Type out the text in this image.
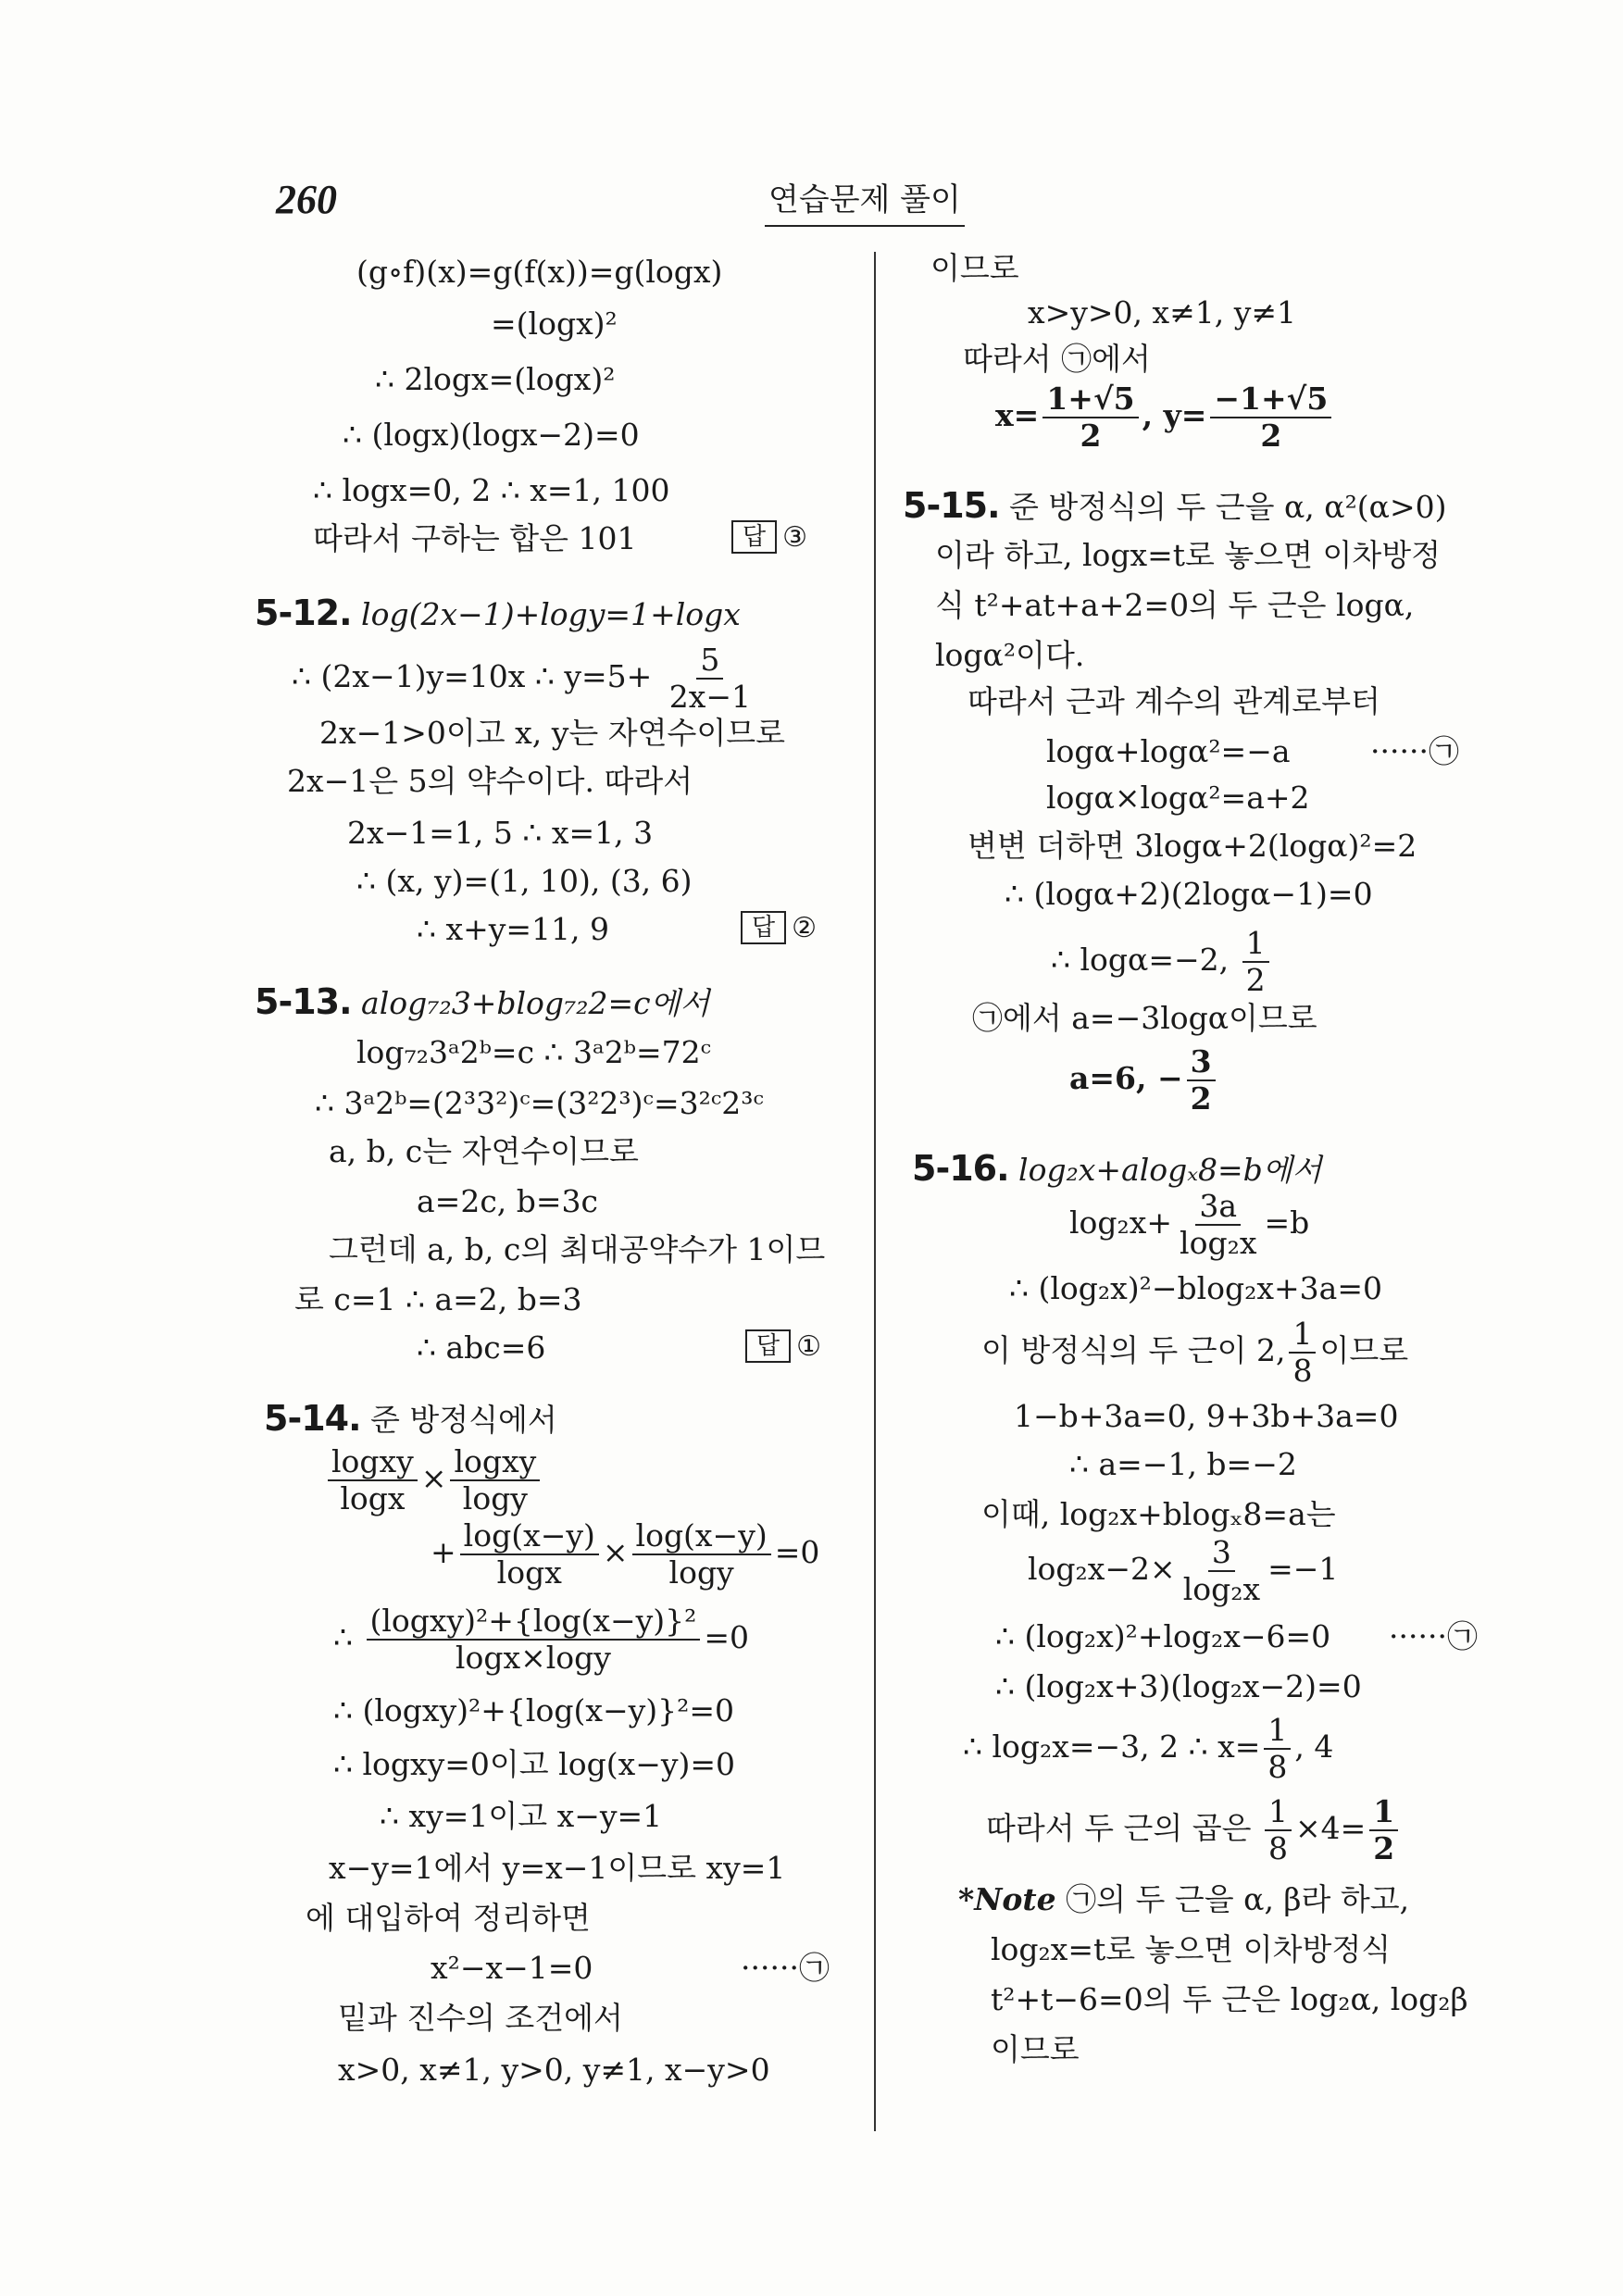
260	연습문제 풀이
(g∘f)(x)=g(f(x))=g(logx)
=(logx)²
∴ 2logx=(logx)²
∴ (logx)(logx−2)=0
∴ logx=0, 2 ∴ x=1, 100
따라서 구하는 합은 101	답 ③
5-12. log(2x−1)+logy=1+logx
∴ (2x−1)y=10x ∴ $y=5+ \frac{5}{2x-1}$
2x−1>0이고 x, y는 자연수이므로
2x−1은 5의 약수이다. 따라서
2x−1=1, 5 ∴ x=1, 3
∴ (x, y)=(1, 10), (3, 6)
∴ x+y=11, 9	답 ②
5-13. alog₇₂3+blog₇₂2=c에서
log₇₂3ᵃ2ᵇ=c ∴ 3ᵃ2ᵇ=72ᶜ
∴ 3ᵃ2ᵇ=(2³3²)ᶜ=(3²2³)ᶜ=3²ᶜ2³ᶜ
a, b, c는 자연수이므로
a=2c, b=3c
그런데 a, b, c의 최대공약수가 1이므
로 c=1 ∴ a=2, b=3
∴ abc=6	답 ①
5-14. 준 방정식에서
$\frac{\text{logxy}}{\log x} \times \frac{\text{logxy}}{\log y}$
+ $\frac{\log(x-y)}{\log x} \times \frac{\log(x-y)}{\log y} =0$
∴ $\frac{\text{(logxy)²+\{log(x−y)\}²}}{\log x\times\log y} =0$
∴ (logxy)²+{log(x−y)}²=0
∴ logxy=0이고 log(x−y)=0
∴ xy=1이고 x−y=1
x−y=1에서 y=x−1이므로 xy=1
에 대입하여 정리하면
x²−x−1=0	······㉠
밑과 진수의 조건에서
x>0, x≠1, y>0, y≠1, x−y>0
이므로
x>y>0, x≠1, y≠1
따라서 ㉠에서
$x= \frac{1+√5}{2}$ , $y= \frac{-1+√5}{2}$
5-15. 준 방정식의 두 근을 α, α²(α>0)
이라 하고, logx=t로 놓으면 이차방정
식 t²+at+a+2=0의 두 근은 logα,
logα²이다.
따라서 근과 계수의 관계로부터
logα+logα²=−a	······㉠
logα×logα²=a+2
변변 더하면 3logα+2(logα)²=2
∴ (logα+2)(2logα−1)=0
∴ logα=−2, $\frac{1}{2}$
㉠에서 a=−3logα이므로
a=6, − $\frac{3}{2}$
5-16. log₂x+alogₓ8=b에서
$\log_2x+ \frac{3a}{\text{log₂x}} =b$
∴ (log₂x)²−blog₂x+3a=0
이 방정식의 두 근이 2, $\frac{1}{8}$ 이므로
1−b+3a=0, 9+3b+3a=0
∴ a=−1, b=−2
이때, log₂x+blogₓ8=a는
$\log_2x-2\times \frac{3}{\text{log₂x}} =-1$
∴ (log₂x)²+log₂x−6=0 ······㉠
∴ (log₂x+3)(log₂x−2)=0
∴ log₂x=−3, 2 ∴ $x= \frac{1}{8}$ , 4
따라서 두 근의 곱은 $\frac{1}{8} \times 4= \frac{1}{2}$
*Note ㉠의 두 근을 α, β라 하고,
log₂x=t로 놓으면 이차방정식
t²+t−6=0의 두 근은 log₂α, log₂β
이므로
